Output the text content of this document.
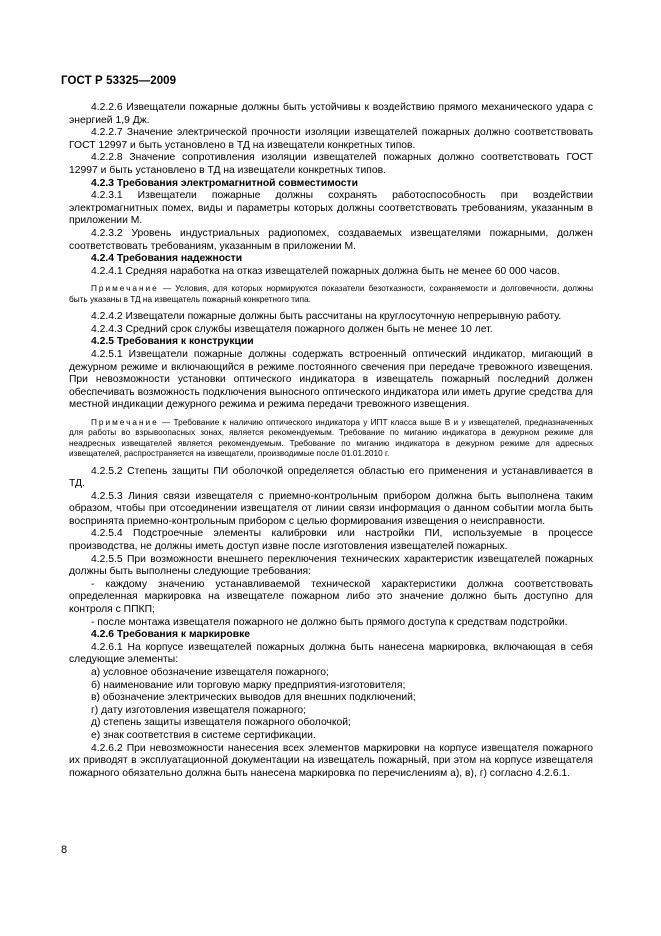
ГОСТ Р 53325—2009

4.2.2.6 Извещатели пожарные должны быть устойчивы к воздействию прямого механического удара с энергией 1,9 Дж.

4.2.2.7 Значение электрической прочности изоляции извещателей пожарных должно соответствовать ГОСТ 12997 и быть установлено в ТД на извещатели конкретных типов.

4.2.2.8 Значение сопротивления изоляции извещателей пожарных должно соответствовать ГОСТ 12997 и быть установлено в ТД на извещатели конкретных типов.

4.2.3 Требования электромагнитной совместимости

4.2.3.1 Извещатели пожарные должны сохранять работоспособность при воздействии электромагнитных помех, виды и параметры которых должны соответствовать требованиям, указанным в приложении М.

4.2.3.2 Уровень индустриальных радиопомех, создаваемых извещателями пожарными, должен соответствовать требованиям, указанным в приложении М.

4.2.4 Требования надежности

4.2.4.1 Средняя наработка на отказ извещателей пожарных должна быть не менее 60 000 часов.

Примечание — Условия, для которых нормируются показатели безотказности, сохраняемости и долговечности, должны быть указаны в ТД на извещатель пожарный конкретного типа.

4.2.4.2 Извещатели пожарные должны быть рассчитаны на круглосуточную непрерывную работу.

4.2.4.3 Средний срок службы извещателя пожарного должен быть не менее 10 лет.

4.2.5 Требования к конструкции

4.2.5.1 Извещатели пожарные должны содержать встроенный оптический индикатор, мигающий в дежурном режиме и включающийся в режиме постоянного свечения при передаче тревожного извещения. При невозможности установки оптического индикатора в извещатель пожарный последний должен обеспечивать возможность подключения выносного оптического индикатора или иметь другие средства для местной индикации дежурного режима и режима передачи тревожного извещения.

Примечание — Требование к наличию оптического индикатора у ИПТ класса выше В и у извещателей, предназначенных для работы во взрывоопасных зонах, является рекомендуемым. Требование по миганию индикатора в дежурном режиме для неадресных извещателей является рекомендуемым. Требование по миганию индикатора в дежурном режиме для адресных извещателей, распространяется на извещатели, производимые после 01.01.2010 г.

4.2.5.2 Степень защиты ПИ оболочкой определяется областью его применения и устанавливается в ТД.

4.2.5.3 Линия связи извещателя с приемно-контрольным прибором должна быть выполнена таким образом, чтобы при отсоединении извещателя от линии связи информация о данном событии могла быть воспринята приемно-контрольным прибором с целью формирования извещения о неисправности.

4.2.5.4 Подстроечные элементы калибровки или настройки ПИ, используемые в процессе производства, не должны иметь доступ извне после изготовления извещателей пожарных.

4.2.5.5 При возможности внешнего переключения технических характеристик извещателей пожарных должны быть выполнены следующие требования:

- каждому значению устанавливаемой технической характеристики должна соответствовать определенная маркировка на извещателе пожарном либо это значение должно быть доступно для контроля с ППКП;

- после монтажа извещателя пожарного не должно быть прямого доступа к средствам подстройки.

4.2.6 Требования к маркировке

4.2.6.1 На корпусе извещателей пожарных должна быть нанесена маркировка, включающая в себя следующие элементы:

а) условное обозначение извещателя пожарного;

б) наименование или торговую марку предприятия-изготовителя;

в) обозначение электрических выводов для внешних подключений;

г) дату изготовления извещателя пожарного;

д) степень защиты извещателя пожарного оболочкой;

е) знак соответствия в системе сертификации.

4.2.6.2 При невозможности нанесения всех элементов маркировки на корпусе извещателя пожарного их приводят в эксплуатационной документации на извещатель пожарный, при этом на корпусе извещателя пожарного обязательно должна быть нанесена маркировка по перечислениям а), в), г) согласно 4.2.6.1.

8
